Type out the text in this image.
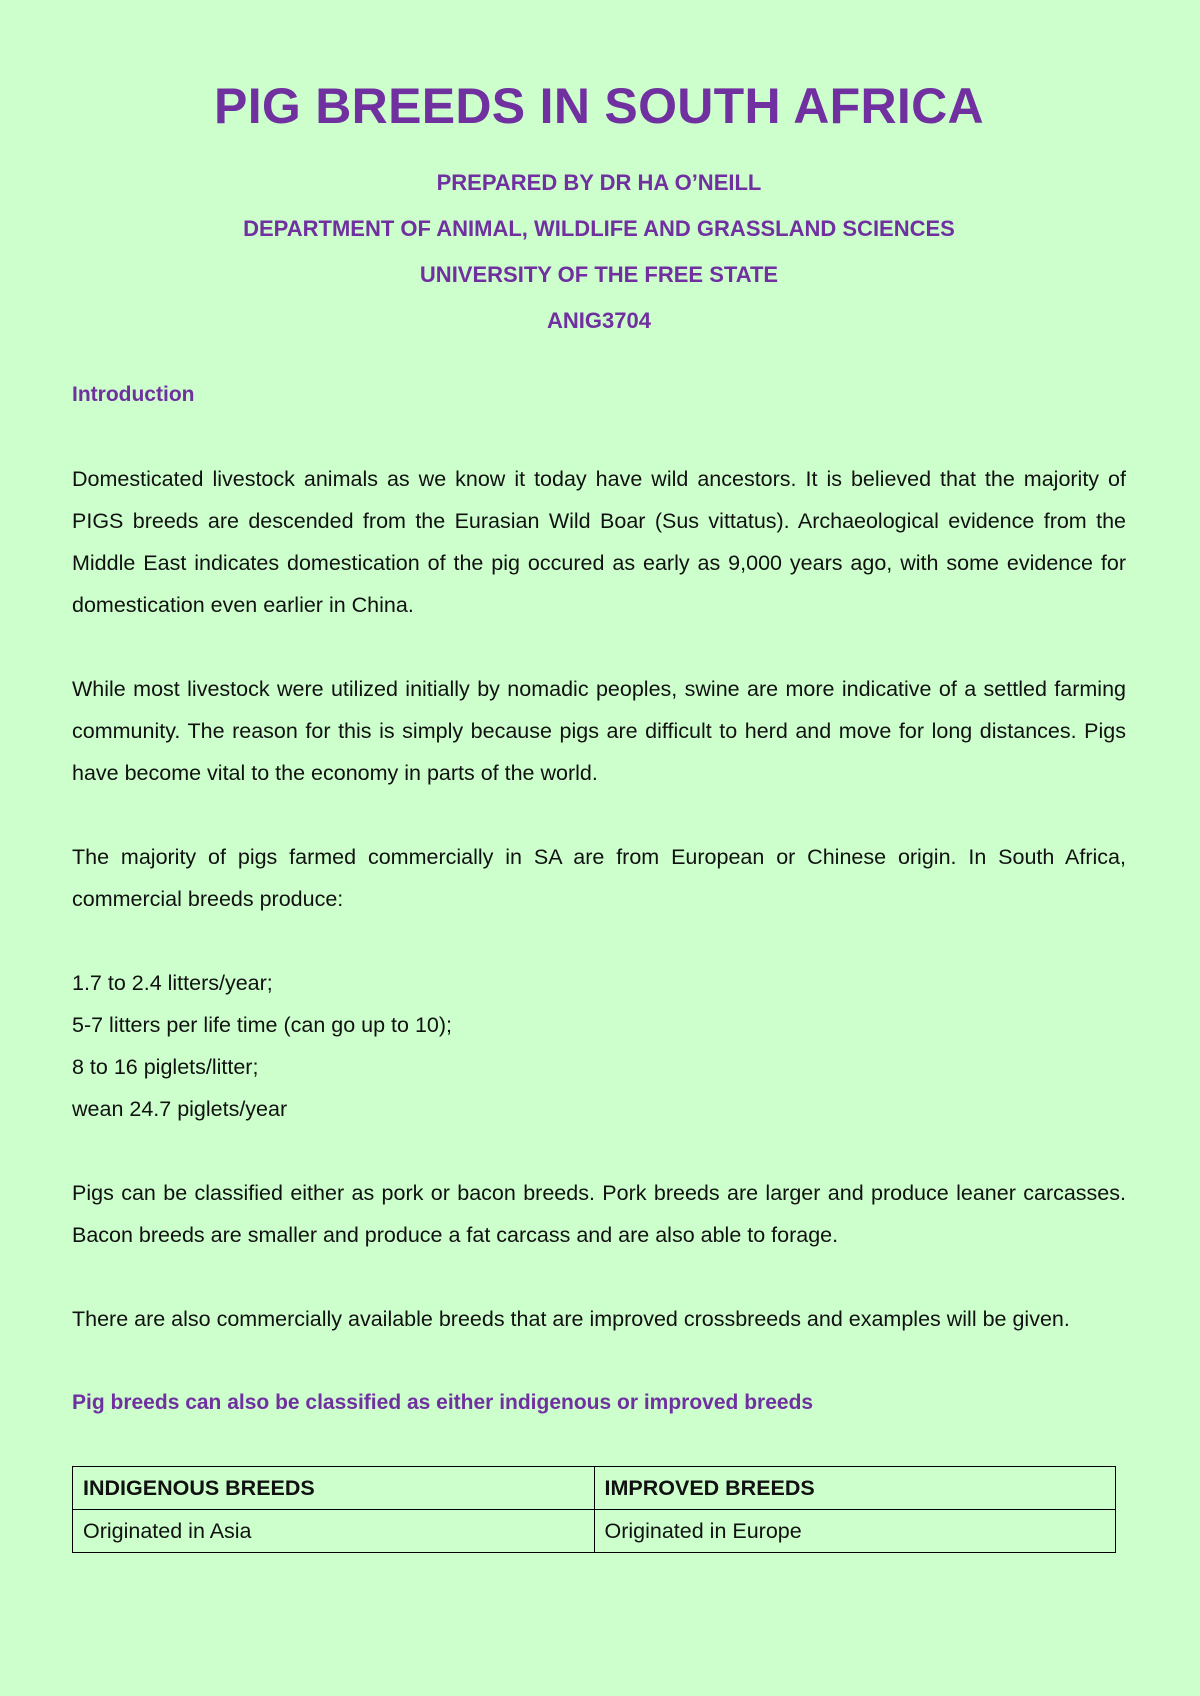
PIG BREEDS IN SOUTH AFRICA
PREPARED BY DR HA O’NEILL
DEPARTMENT OF ANIMAL, WILDLIFE AND GRASSLAND SCIENCES
UNIVERSITY OF THE FREE STATE
ANIG3704
Introduction

Domesticated livestock animals as we know it today have wild ancestors. It is believed that the majority of PIGS breeds are descended from the Eurasian Wild Boar (Sus vittatus). Archaeological evidence from the Middle East indicates domestication of the pig occured as early as 9,000 years ago, with some evidence for domestication even earlier in China.

While most livestock were utilized initially by nomadic peoples, swine are more indicative of a settled farming community. The reason for this is simply because pigs are difficult to herd and move for long distances. Pigs have become vital to the economy in parts of the world.

The majority of pigs farmed commercially in SA are from European or Chinese origin. In South Africa, commercial breeds produce:

1.7 to 2.4 litters/year;
5-7 litters per life time (can go up to 10);
8 to 16 piglets/litter;
wean 24.7 piglets/year

Pigs can be classified either as pork or bacon breeds. Pork breeds are larger and produce leaner carcasses. Bacon breeds are smaller and produce a fat carcass and are also able to forage.

There are also commercially available breeds that are improved crossbreeds and examples will be given.

Pig breeds can also be classified as either indigenous or improved breeds
INDIGENOUS BREEDS	IMPROVED BREEDS
Originated in Asia	Originated in Europe
